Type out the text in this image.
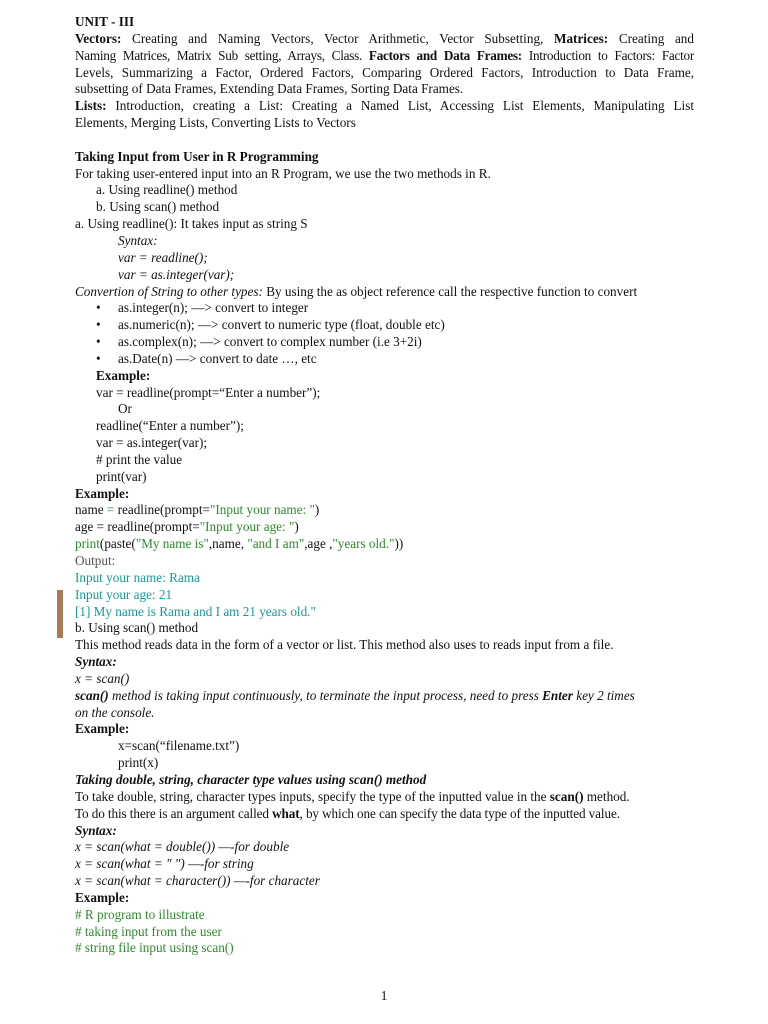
UNIT - III
Vectors: Creating and Naming Vectors, Vector Arithmetic, Vector Subsetting, Matrices: Creating and
Naming Matrices, Matrix Sub setting, Arrays, Class. Factors and Data Frames: Introduction to Factors: Factor
Levels, Summarizing a Factor, Ordered Factors, Comparing Ordered Factors, Introduction to Data Frame,
subsetting of Data Frames, Extending Data Frames, Sorting Data Frames.
Lists: Introduction, creating a List: Creating a Named List, Accessing List Elements, Manipulating List
Elements, Merging Lists, Converting Lists to Vectors
Taking Input from User in R Programming
For taking user-entered input into an R Program, we use the two methods in R.
a. Using readline() method
b. Using scan() method
a. Using readline(): It takes input as string S
Syntax:
var = readline();
var = as.integer(var);
Convertion of String to other types: By using the as object reference call the respective function to convert
• as.integer(n); —> convert to integer
• as.numeric(n); —> convert to numeric type (float, double etc)
• as.complex(n); —> convert to complex number (i.e 3+2i)
• as.Date(n) —> convert to date …, etc
Example:
var = readline(prompt=“Enter a number”);
Or
readline(“Enter a number”);
var = as.integer(var);
# print the value
print(var)
Example:
name = readline(prompt="Input your name: ")
age = readline(prompt="Input your age: ")
print(paste("My name is",name, "and I am",age ,"years old."))
Output:
Input your name: Rama
Input your age: 21
[1] My name is Rama and I am 21 years old."
b. Using scan() method
This method reads data in the form of a vector or list. This method also uses to reads input from a file.
Syntax:
x = scan()
scan() method is taking input continuously, to terminate the input process, need to press Enter key 2 times
on the console.
Example:
x=scan(“filename.txt”)
print(x)
Taking double, string, character type values using scan() method
To take double, string, character types inputs, specify the type of the inputted value in the scan() method.
To do this there is an argument called what, by which one can specify the data type of the inputted value.
Syntax:
x = scan(what = double()) —-for double
x = scan(what = " ") —-for string
x = scan(what = character()) —-for character
Example:
# R program to illustrate
# taking input from the user
# string file input using scan()
1
